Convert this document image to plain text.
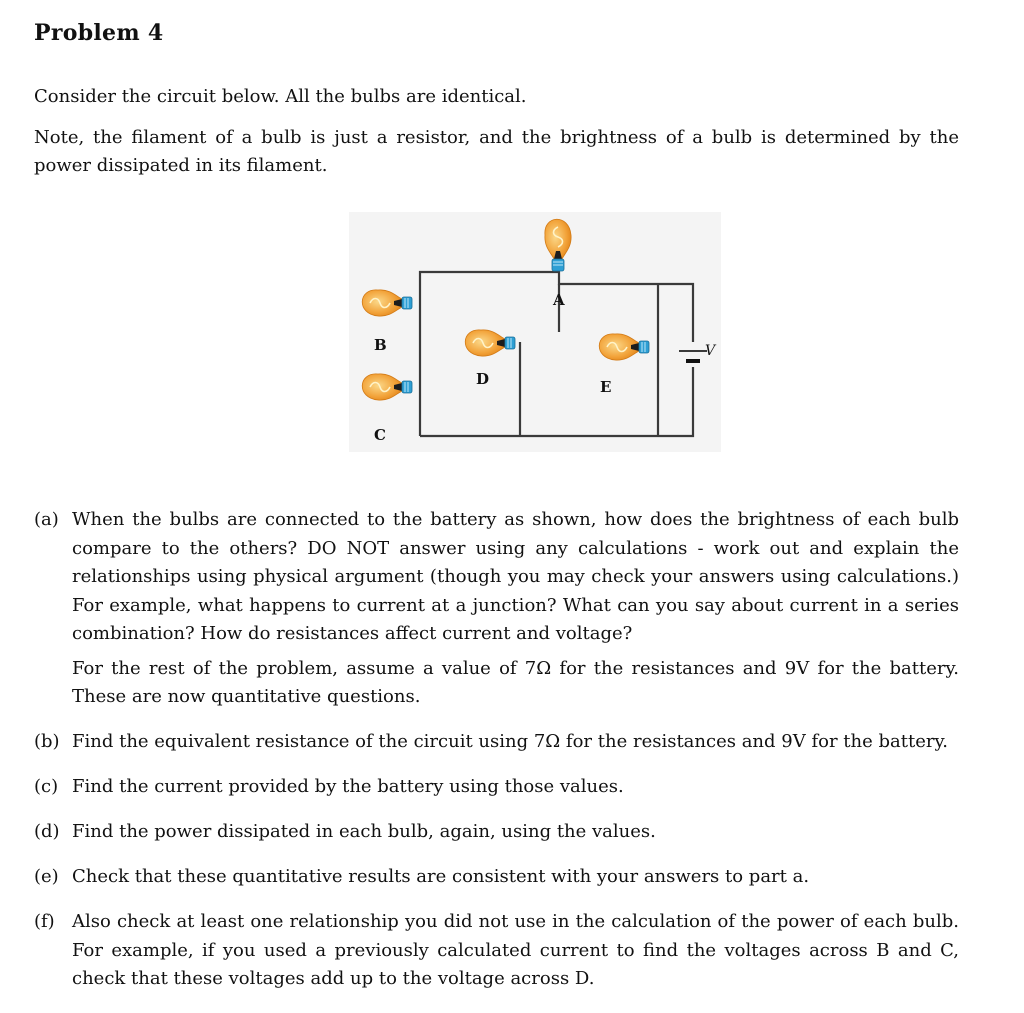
Problem 4
Consider the circuit below. All the bulbs are identical.
Note, the filament of a bulb is just a resistor, and the brightness of a bulb is determined by the power dissipated in its filament.
A
B
C
D	E
V
(a) When the bulbs are connected to the battery as shown, how does the brightness of each bulb compare to the others? DO NOT answer using any calculations - work out and explain the relationships using physical argument (though you may check your answers using calculations.) For example, what happens to current at a junction? What can you say about current in a series combination? How do resistances affect current and voltage?
For the rest of the problem, assume a value of 7Ω for the resistances and 9V for the battery. These are now quantitative questions.
(b) Find the equivalent resistance of the circuit using 7Ω for the resistances and 9V for the battery.
(c) Find the current provided by the battery using those values.
(d) Find the power dissipated in each bulb, again, using the values.
(e) Check that these quantitative results are consistent with your answers to part a.
(f) Also check at least one relationship you did not use in the calculation of the power of each bulb. For example, if you used a previously calculated current to find the voltages across B and C, check that these voltages add up to the voltage across D.
